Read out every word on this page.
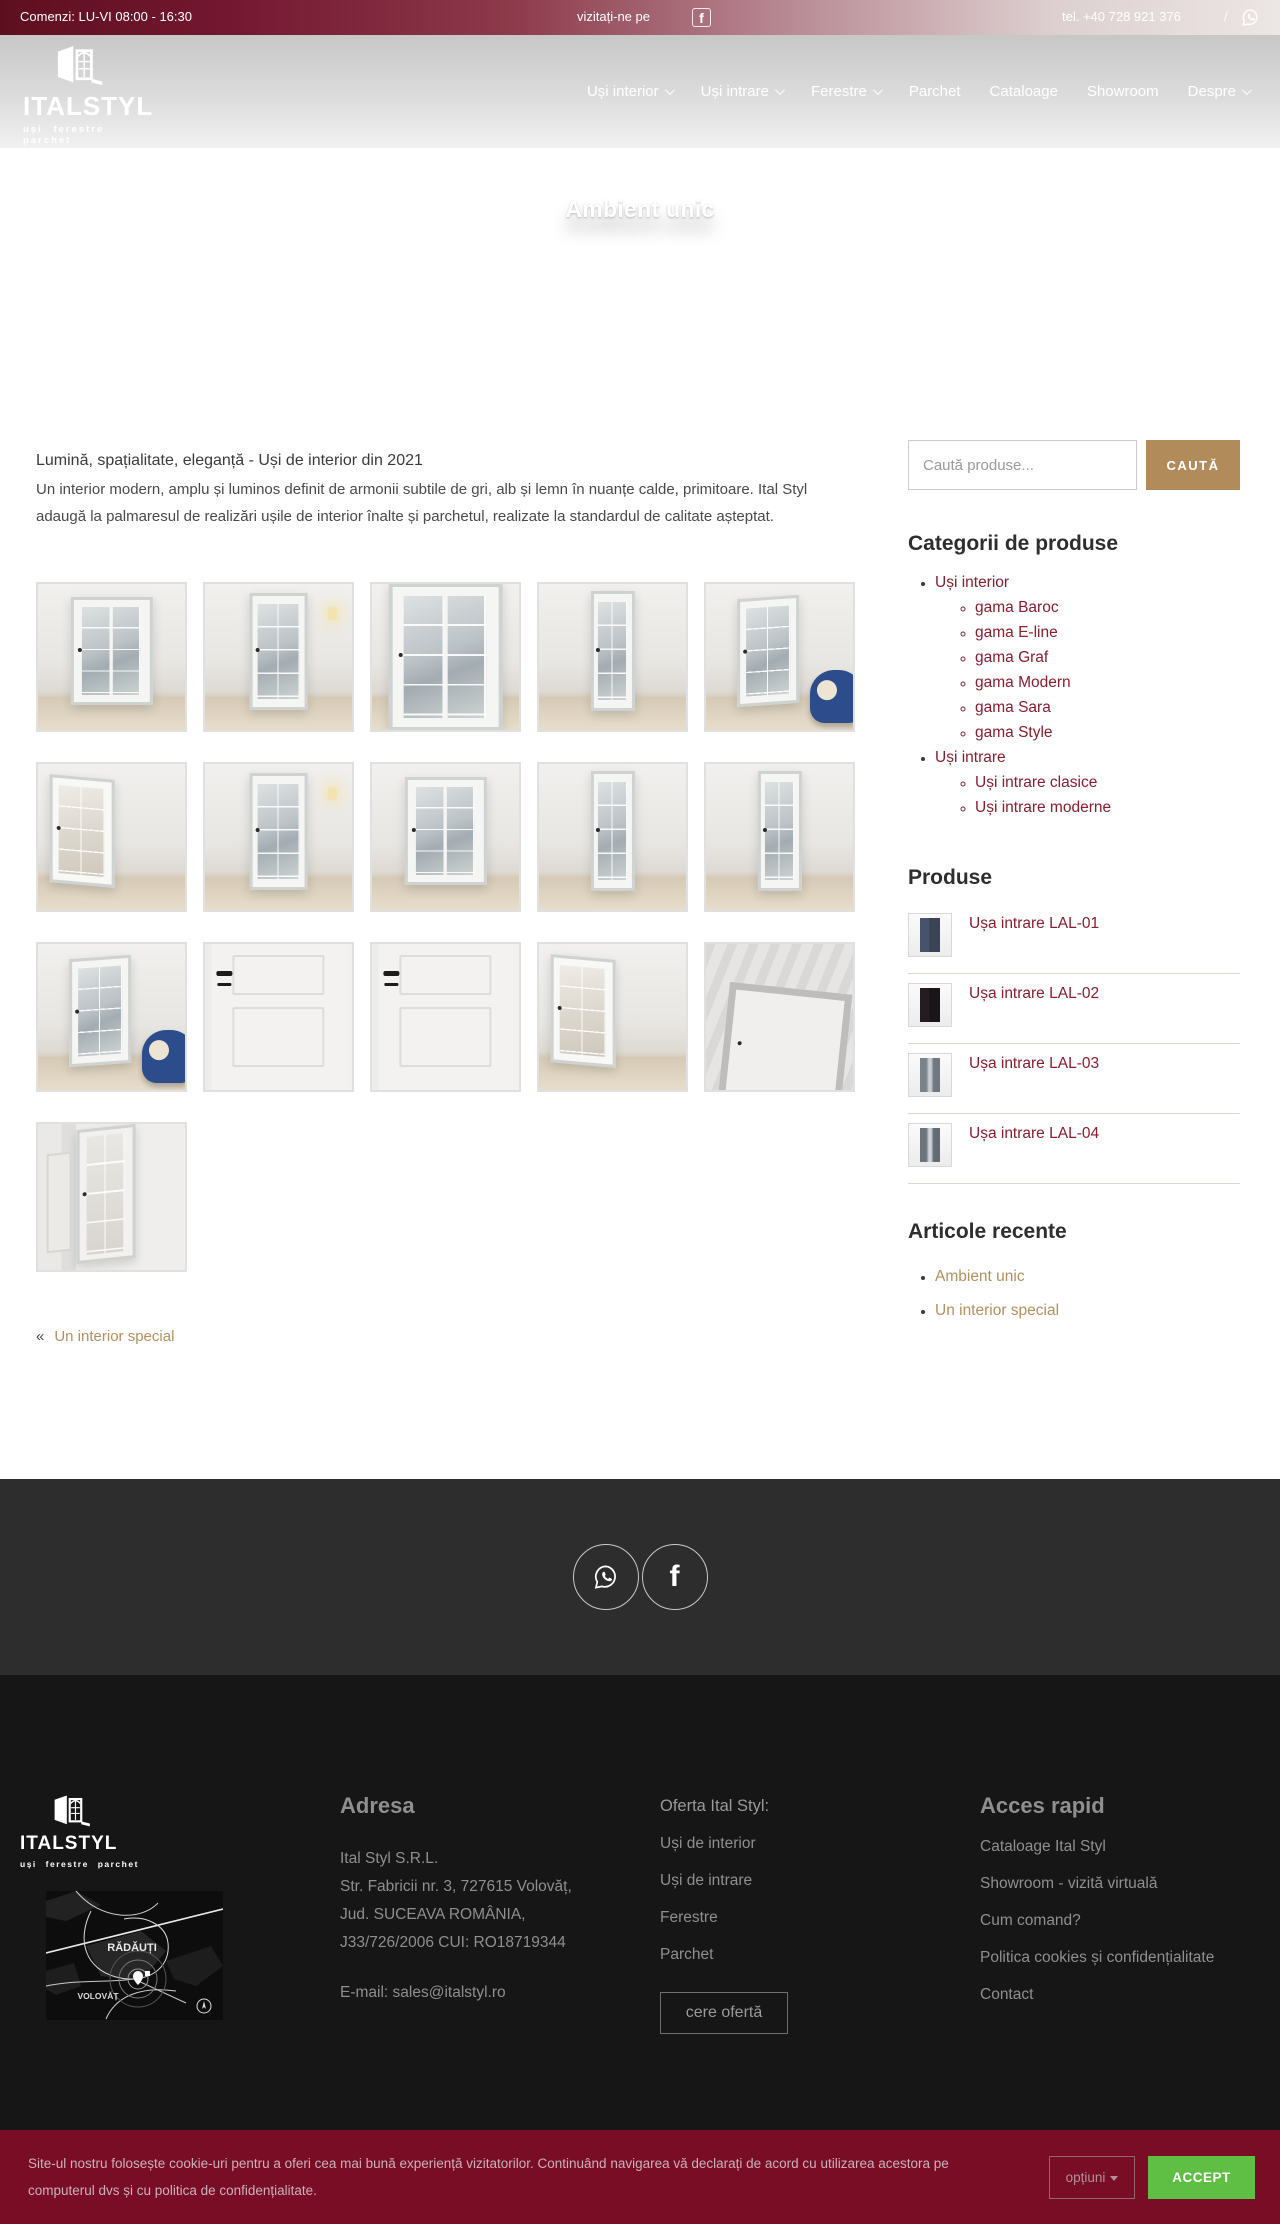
Comenzi: LU-VI 08:00 - 16:30	vizitați-ne pe	f	tel. +40 728 921 376	/
ITALSTYL
uși ferestre parchet
Uși interior	Uși intrare	Ferestre	Parchet Cataloage Showroom Despre
Ambient unic
Lumină, spațialitate, eleganță - Uși de interior din 2021

Un interior modern, amplu și luminos definit de armonii subtile de gri, alb și lemn în nuanțe calde, primitoare. Ital Styl adaugă la palmaresul de realizări ușile de interior înalte și parchetul, realizate la standardul de calitate așteptat.

« Un interior special
Caută produse...
CAUTĂ
Categorii de produse
• Uși interior
◦ gama Baroc
◦ gama E-line
◦ gama Graf
◦ gama Modern
◦ gama Sara
◦ gama Style
• Uși intrare
◦ Uși intrare clasice
◦ Uși intrare moderne
Produse
Ușa intrare LAL-01
Ușa intrare LAL-02
Ușa intrare LAL-03
Ușa intrare LAL-04
Articole recente
• Ambient unic
• Un interior special
f
ITALSTYL
uși ferestre parchet
RĂDĂUȚI
VOLOVĂȚ
Adresa
Ital Styl S.R.L.
Str. Fabricii nr. 3, 727615 Volovăț,
Jud. SUCEAVA ROMÂNIA,
J33/726/2006 CUI: RO18719344
E-mail: sales@italstyl.ro
Oferta Ital Styl:
Uși de interior
Uși de intrare
Ferestre
Parchet
cere ofertă
Acces rapid
Cataloage Ital Styl
Showroom - vizită virtuală
Cum comand?
Politica cookies și confidențialitate
Contact
Site-ul nostru folosește cookie-uri pentru a oferi cea mai bună experiență vizitatorilor. Continuând navigarea vă declarați de acord cu utilizarea acestora pe computerul dvs și cu politica de confidențialitate.
opțiuni	ACCEPT
